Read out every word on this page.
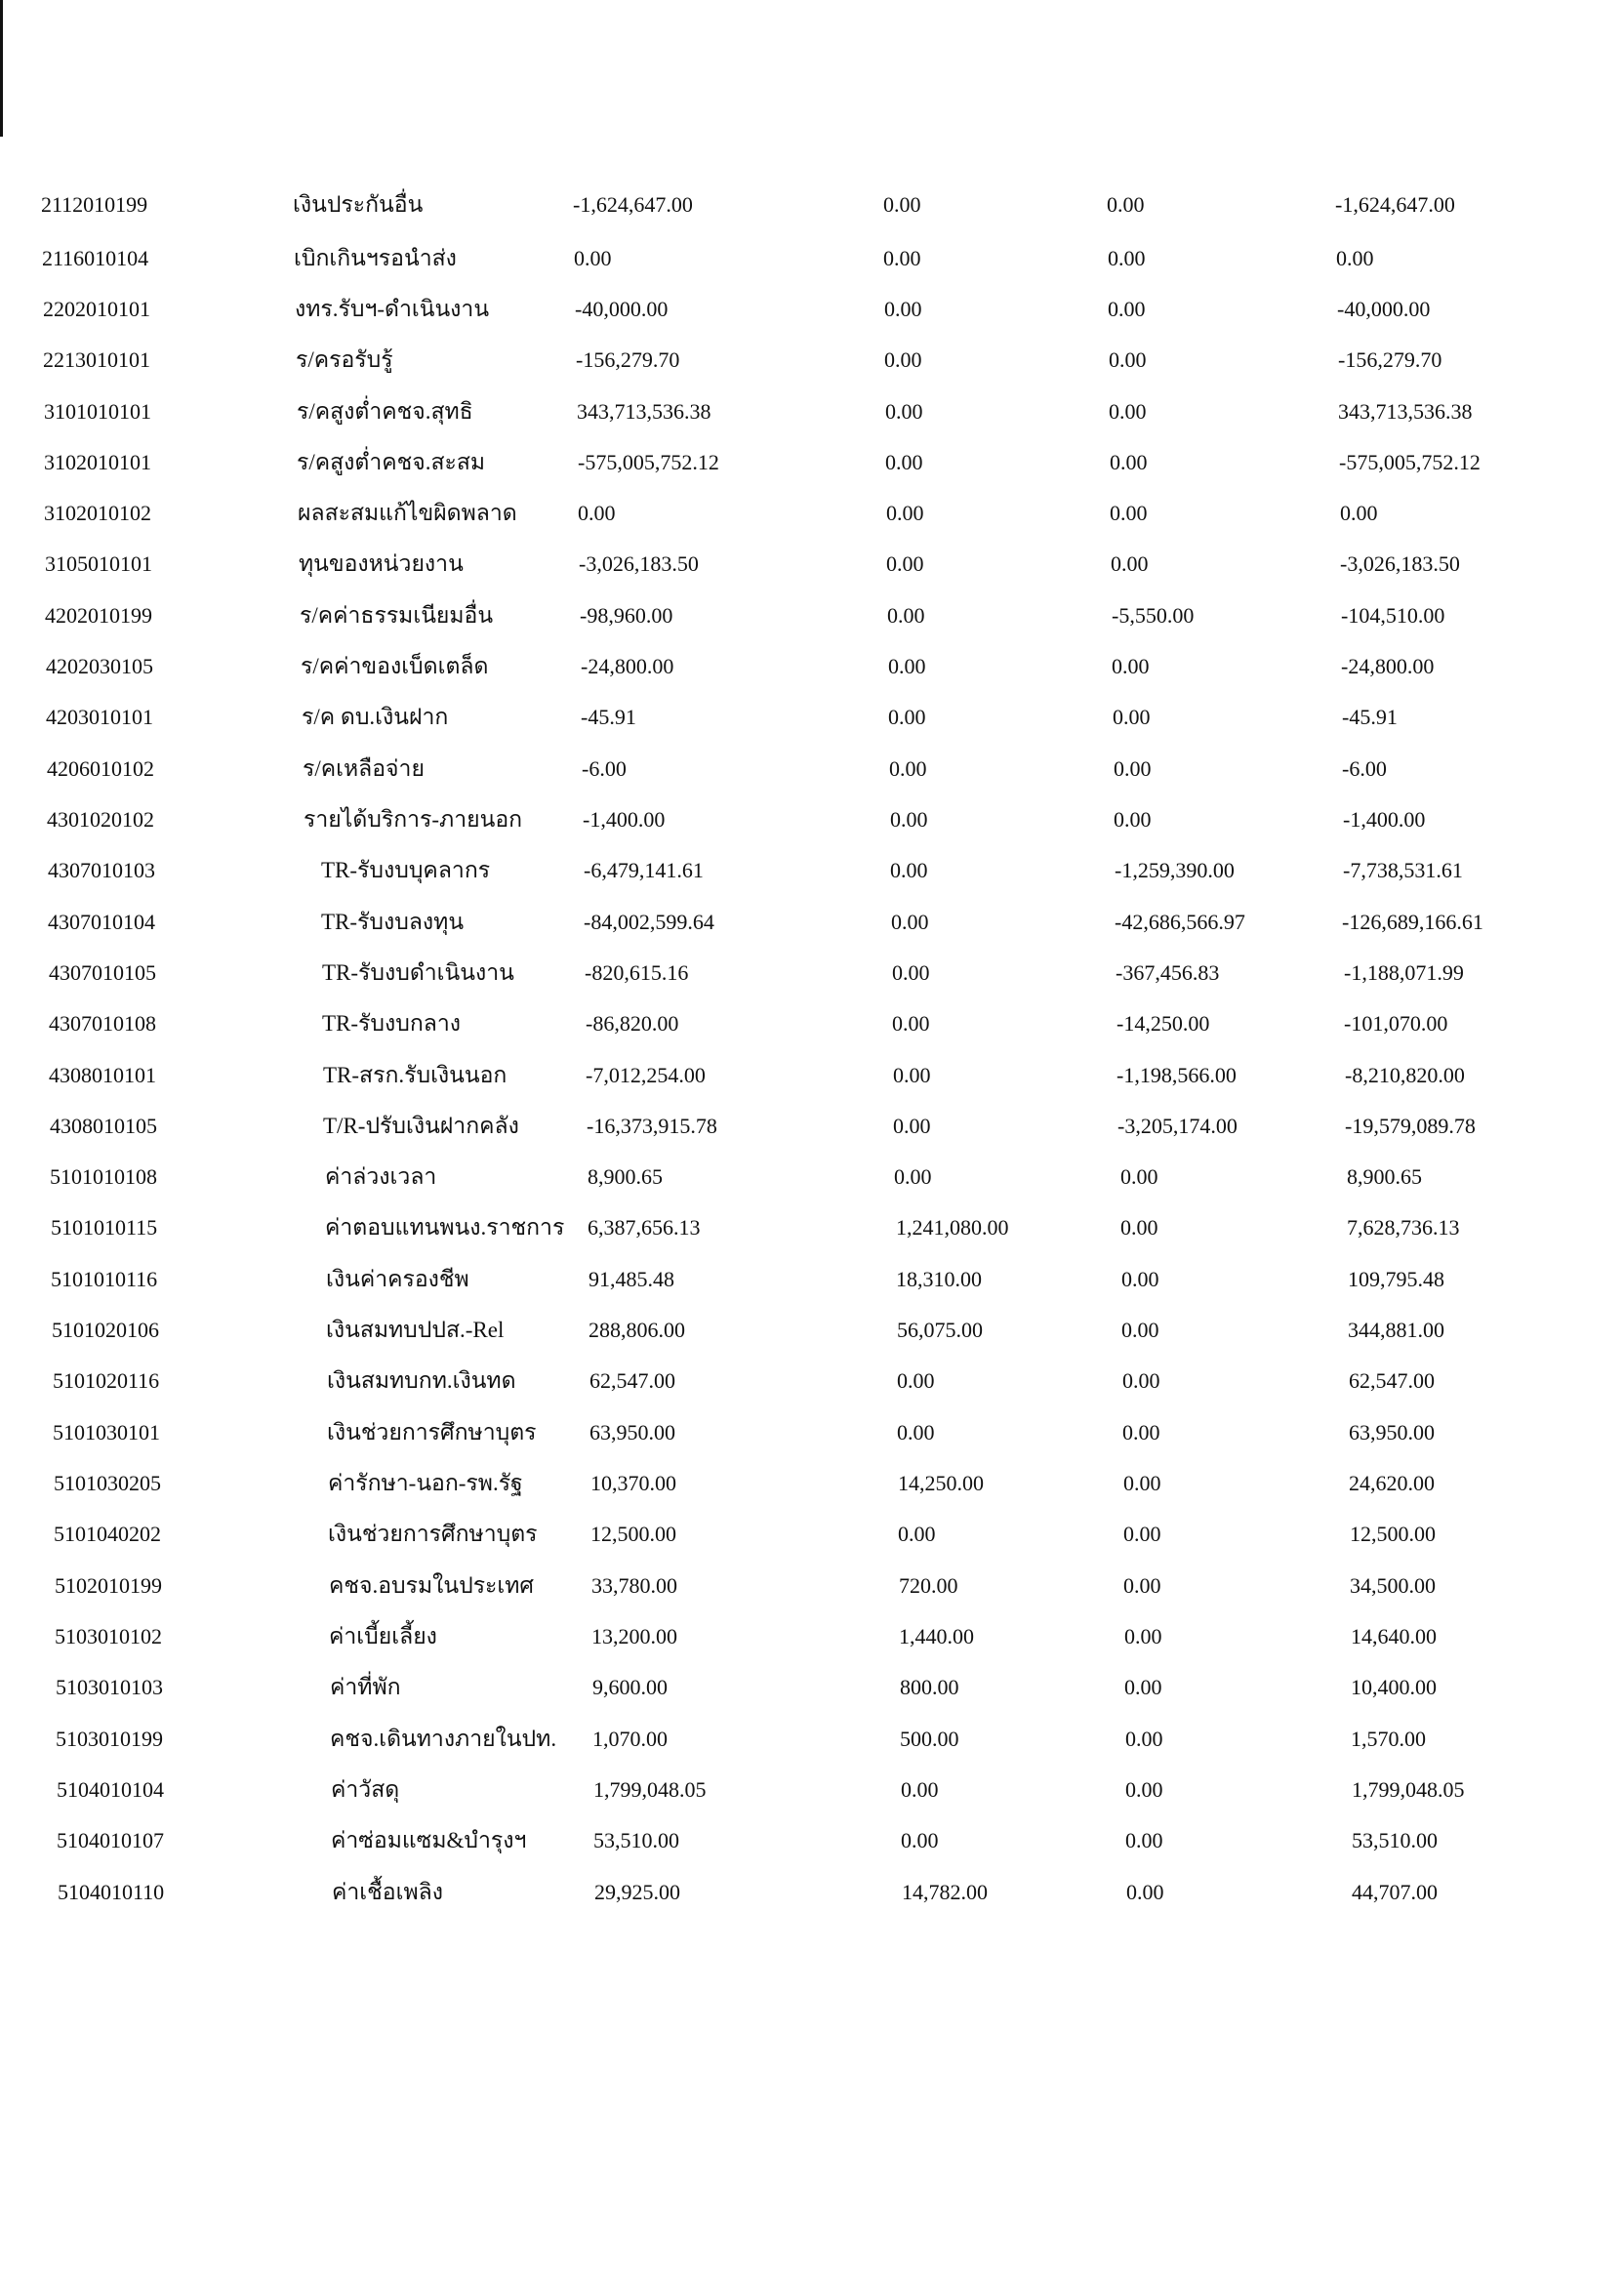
2112010199	เงินประกันอื่น	-1,624,647.00	0.00	0.00	-1,624,647.00
2116010104	เบิกเกินฯรอนำส่ง	0.00	0.00	0.00	0.00
2202010101	งทร.รับฯ-ดำเนินงาน	-40,000.00	0.00	0.00	-40,000.00
2213010101	ร/ครอรับรู้	-156,279.70	0.00	0.00	-156,279.70
3101010101	ร/คสูงต่ำคชจ.สุทธิ	343,713,536.38	0.00	0.00	343,713,536.38
3102010101	ร/คสูงต่ำคชจ.สะสม	-575,005,752.12	0.00	0.00	-575,005,752.12
3102010102	ผลสะสมแก้ไขผิดพลาด	0.00	0.00	0.00	0.00
3105010101	ทุนของหน่วยงาน	-3,026,183.50	0.00	0.00	-3,026,183.50
4202010199	ร/คค่าธรรมเนียมอื่น	-98,960.00	0.00	-5,550.00	-104,510.00
4202030105	ร/คค่าของเบ็ดเตล็ด	-24,800.00	0.00	0.00	-24,800.00
4203010101	ร/ค ดบ.เงินฝาก	-45.91	0.00	0.00	-45.91
4206010102	ร/คเหลือจ่าย	-6.00	0.00	0.00	-6.00
4301020102	รายได้บริการ-ภายนอก	-1,400.00	0.00	0.00	-1,400.00
4307010103	TR-รับงบบุคลากร	-6,479,141.61	0.00	-1,259,390.00	-7,738,531.61
4307010104	TR-รับงบลงทุน	-84,002,599.64	0.00	-42,686,566.97	-126,689,166.61
4307010105	TR-รับงบดำเนินงาน	-820,615.16	0.00	-367,456.83	-1,188,071.99
4307010108	TR-รับงบกลาง	-86,820.00	0.00	-14,250.00	-101,070.00
4308010101	TR-สรก.รับเงินนอก	-7,012,254.00	0.00	-1,198,566.00	-8,210,820.00
4308010105	T/R-ปรับเงินฝากคลัง	-16,373,915.78	0.00	-3,205,174.00	-19,579,089.78
5101010108	ค่าล่วงเวลา	8,900.65	0.00	0.00	8,900.65
5101010115	ค่าตอบแทนพนง.ราชการ 6,387,656.13	1,241,080.00	0.00	7,628,736.13
5101010116	เงินค่าครองชีพ	91,485.48	18,310.00	0.00	109,795.48
5101020106	เงินสมทบปปส.-Rel	288,806.00	56,075.00	0.00	344,881.00
5101020116	เงินสมทบกท.เงินทด	62,547.00	0.00	0.00	62,547.00
5101030101	เงินช่วยการศึกษาบุตร 63,950.00	0.00	0.00	63,950.00
5101030205	ค่ารักษา-นอก-รพ.รัฐ	10,370.00	14,250.00	0.00	24,620.00
5101040202	เงินช่วยการศึกษาบุตร 12,500.00	0.00	0.00	12,500.00
5102010199	คชจ.อบรมในประเทศ	33,780.00	720.00	0.00	34,500.00
5103010102	ค่าเบี้ยเลี้ยง	13,200.00	1,440.00	0.00	14,640.00
5103010103	ค่าที่พัก	9,600.00	800.00	0.00	10,400.00
5103010199	คชจ.เดินทางภายในปท. 1,070.00	500.00	0.00	1,570.00
5104010104	ค่าวัสดุ	1,799,048.05	0.00	0.00	1,799,048.05
5104010107	ค่าซ่อมแซม&บำรุงฯ	53,510.00	0.00	0.00	53,510.00
5104010110	ค่าเชื้อเพลิง	29,925.00	14,782.00	0.00	44,707.00
